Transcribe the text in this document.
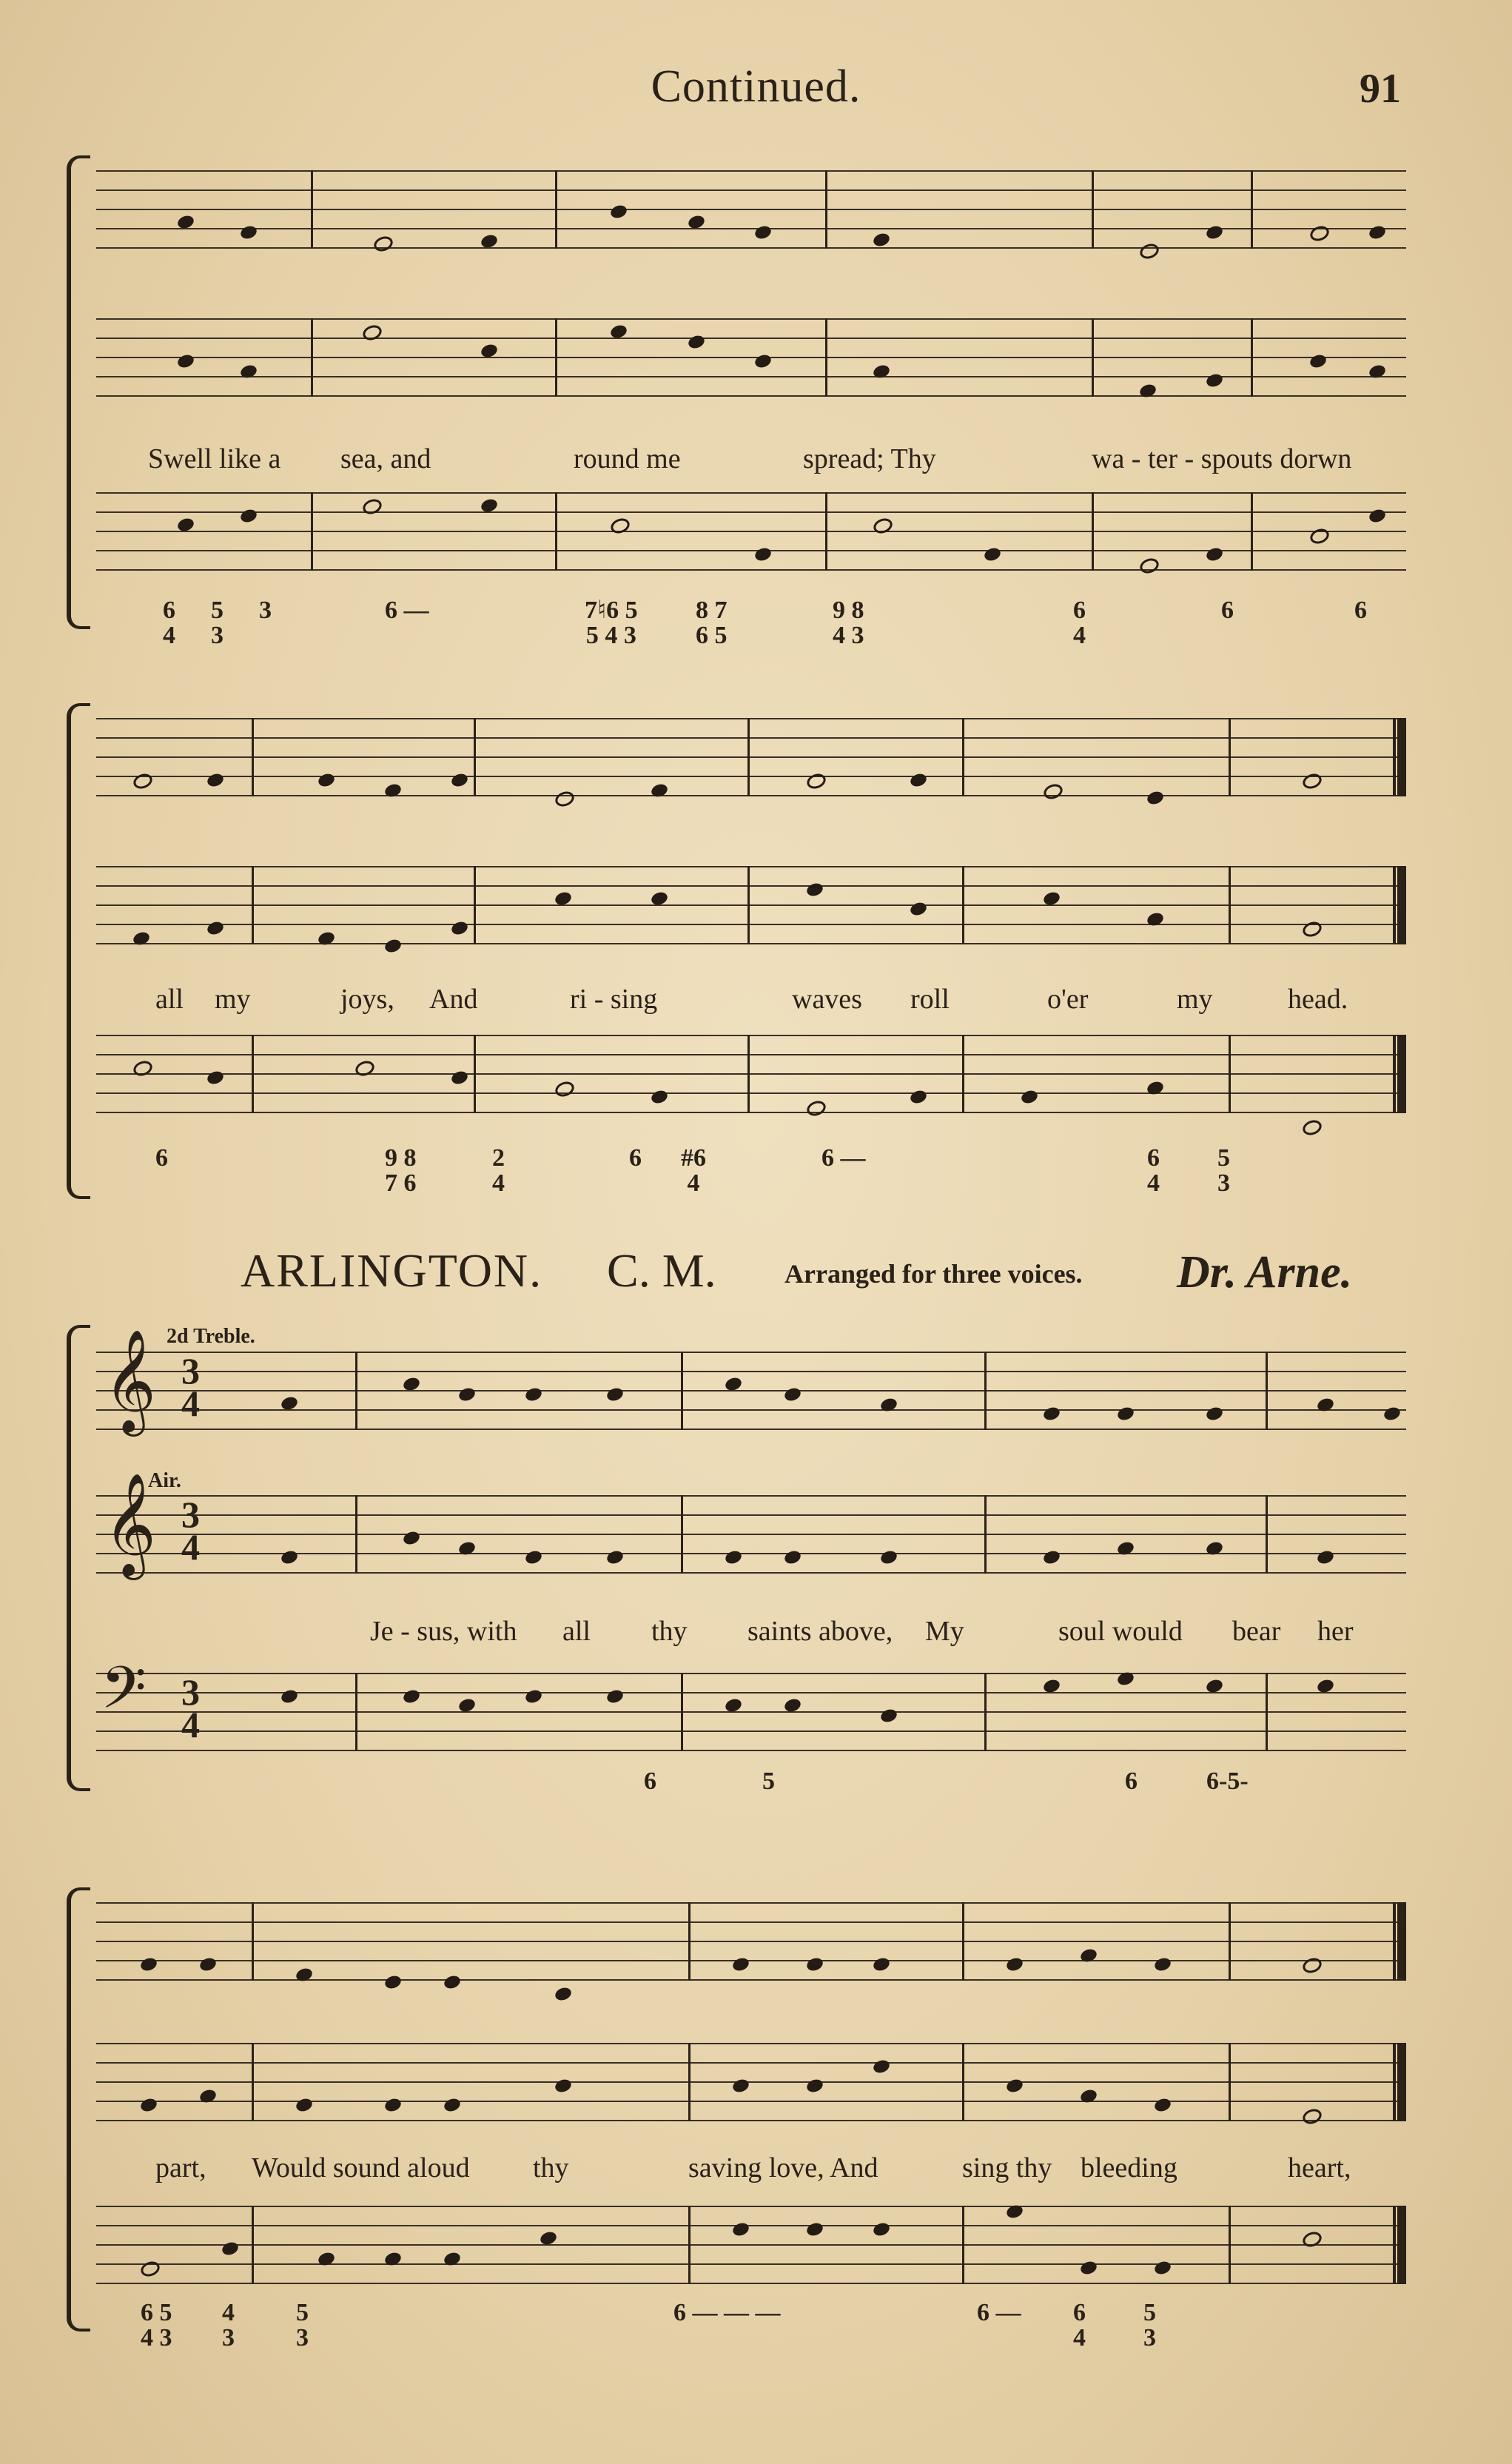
Continued.	91
Swell like a sea, and	round me	spread; Thy	wa - ter - spouts dorwn
6
4
5
3
3	6 —	7♮6 5
5 4 3
8 7
6 5
9 8
4 3
6
4
6	6
all my	joys, And	ri - sing	waves roll	o'er	my	head.
6	9 8
7 6
2
4
6 #6
4
6 —	6
4
5
3
ARLINGTON. C. M.	Arranged for three voices. Dr. Arne.
2d Treble.
𝄞 3
4
Air.
𝄞 3
4
Je - sus, with all thy saints above, My	soul would bear her
𝄢 3
4
6	5	6	6-5-
part, Would sound aloud thy	saving love, And	sing thy bleeding	heart,
6 5
4 3
4
3
5
3
6 — — —	6 — 6
4
5
3
